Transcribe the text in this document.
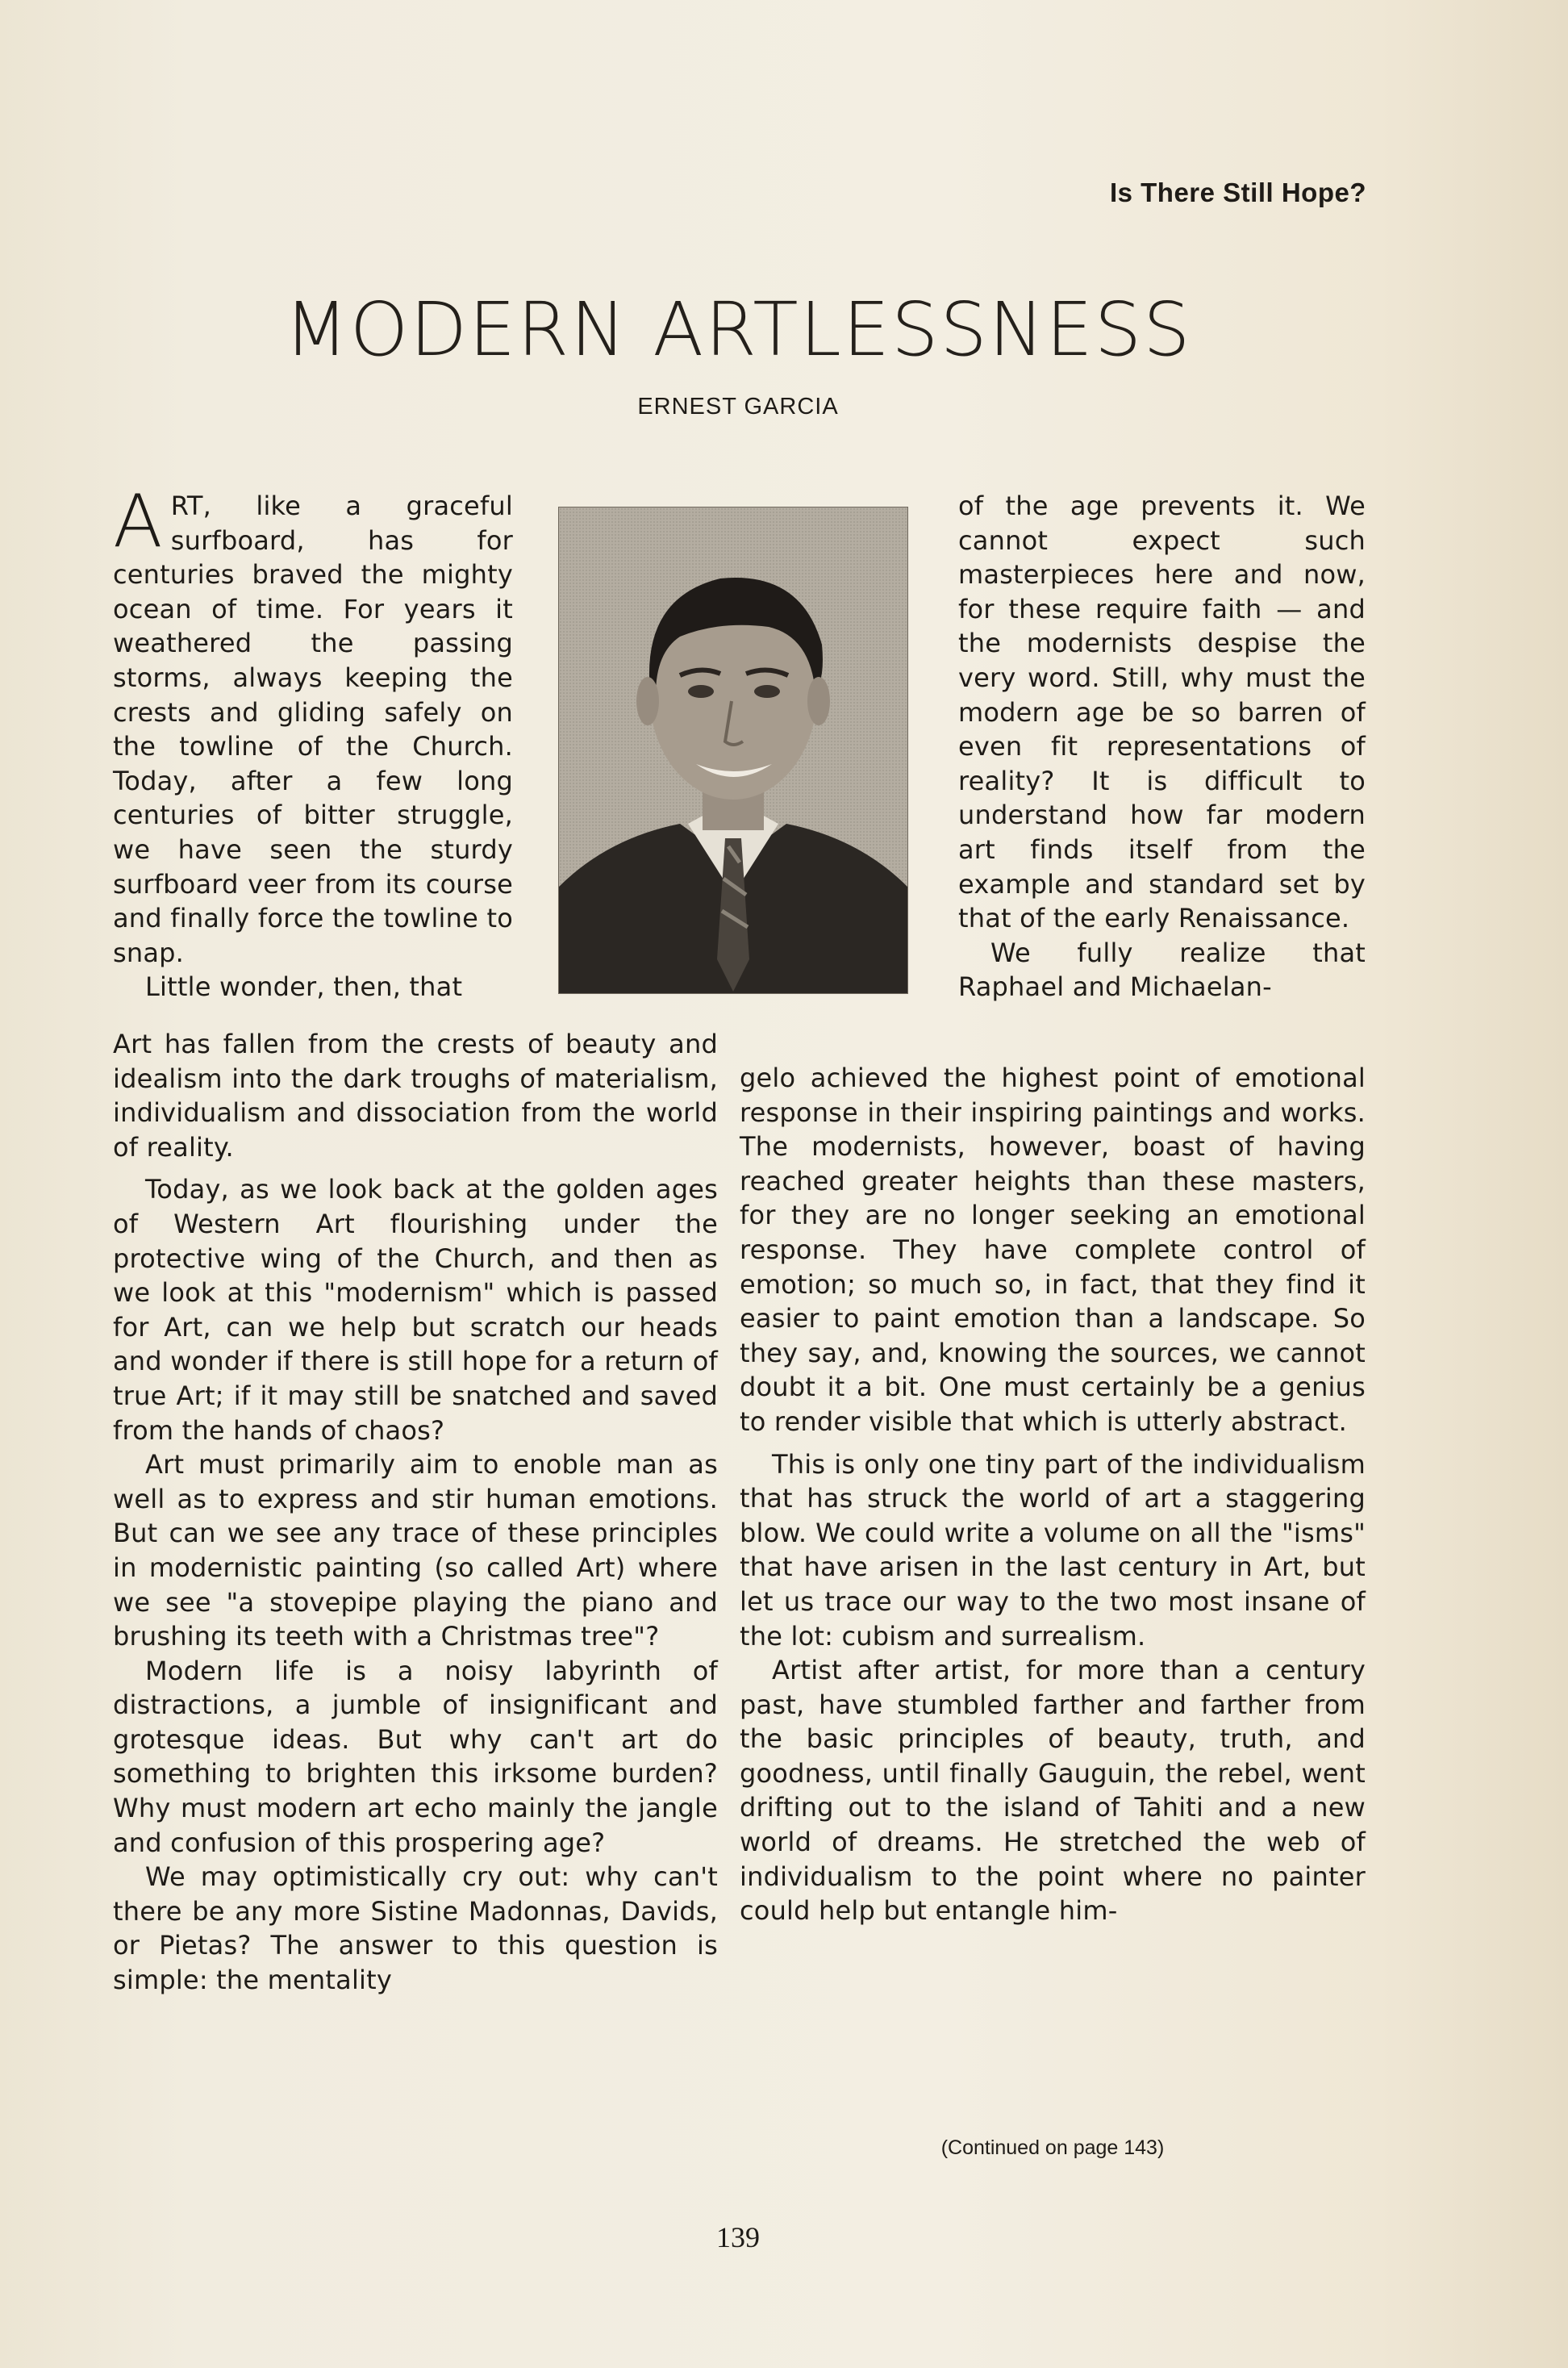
Is There Still Hope?
MODERN ARTLESSNESS
ERNEST GARCIA

ART, like a graceful surfboard, has for centuries braved the mighty ocean of time. For years it weathered the passing storms, always keeping the crests and gliding safely on the towline of the Church. Today, after a few long centuries of bitter struggle, we have seen the sturdy surfboard veer from its course and finally force the towline to snap.

Little wonder, then, that

Art has fallen from the crests of beauty and idealism into the dark troughs of materialism, individualism and dissociation from the world of reality.

Today, as we look back at the golden ages of Western Art flourishing under the protective wing of the Church, and then as we look at this "modernism" which is passed for Art, can we help but scratch our heads and wonder if there is still hope for a return of true Art; if it may still be snatched and saved from the hands of chaos?

Art must primarily aim to enoble man as well as to express and stir human emotions. But can we see any trace of these principles in modernistic painting (so called Art) where we see "a stovepipe playing the piano and brushing its teeth with a Christmas tree"?

Modern life is a noisy labyrinth of distractions, a jumble of insignificant and grotesque ideas. But why can't art do something to brighten this irksome burden? Why must modern art echo mainly the jangle and confusion of this prospering age?

We may optimistically cry out: why can't there be any more Sistine Madonnas, Davids, or Pietas? The answer to this question is simple: the mentality

of the age prevents it. We cannot expect such masterpieces here and now, for these require faith — and the modernists despise the very word. Still, why must the modern age be so barren of even fit representations of reality? It is difficult to understand how far modern art finds itself from the example and standard set by that of the early Renaissance.

We fully realize that Raphael and Michaelan-

gelo achieved the highest point of emotional response in their inspiring paintings and works. The modernists, however, boast of having reached greater heights than these masters, for they are no longer seeking an emotional response. They have complete control of emotion; so much so, in fact, that they find it easier to paint emotion than a landscape. So they say, and, knowing the sources, we cannot doubt it a bit. One must certainly be a genius to render visible that which is utterly abstract.

This is only one tiny part of the individualism that has struck the world of art a staggering blow. We could write a volume on all the "isms" that have arisen in the last century in Art, but let us trace our way to the two most insane of the lot: cubism and surrealism.

Artist after artist, for more than a century past, have stumbled farther and farther from the basic principles of beauty, truth, and goodness, until finally Gauguin, the rebel, went drifting out to the island of Tahiti and a new world of dreams. He stretched the web of individualism to the point where no painter could help but entangle him-

(Continued on page 143)
139
